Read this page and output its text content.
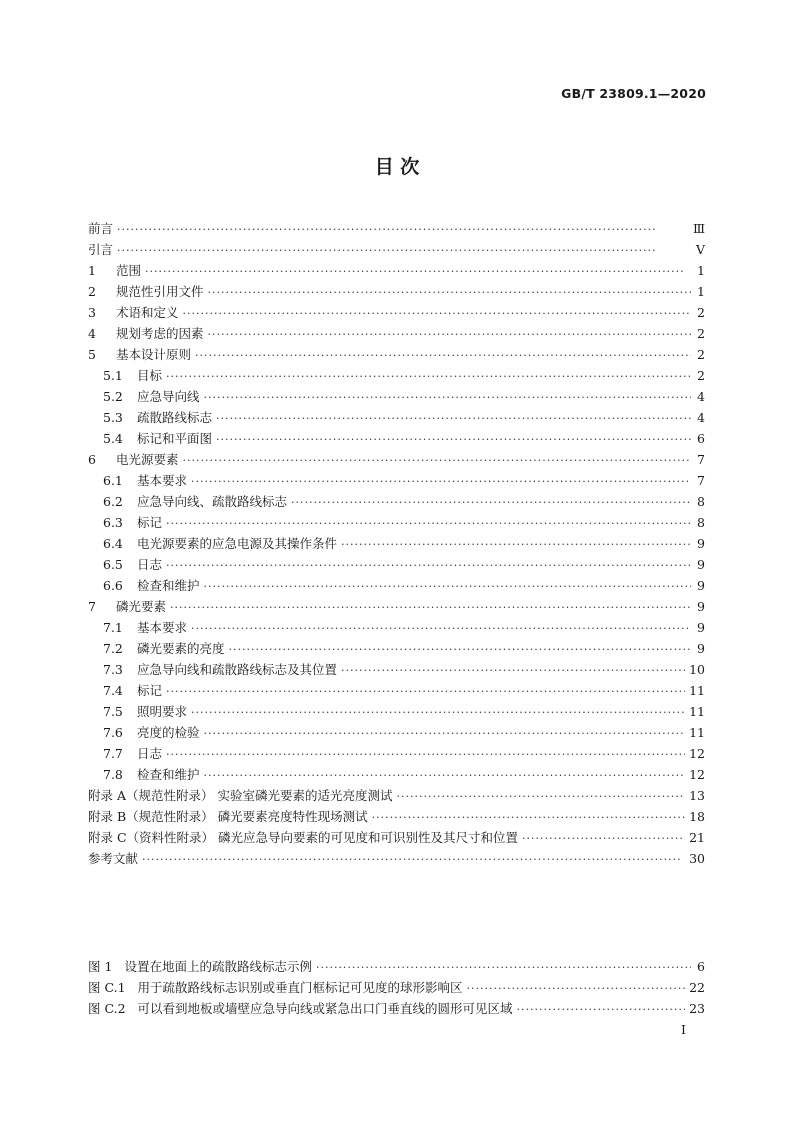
GB/T 23809.1—2020
目 次
前言 ·····	Ⅲ
引言 ·····	Ⅴ
1	范围 ·····	1
2	规范性引用文件 ·····	1
3	术语和定义 ·····	2
4	规划考虑的因素 ·····	2
5	基本设计原则 ·····	2
5.1	目标 ·····	2
5.2	应急导向线 ·····	4
5.3	疏散路线标志 ·····	4
5.4	标记和平面图 ·····	6
6	电光源要素 ·····	7
6.1	基本要求 ·····	7
6.2	应急导向线、疏散路线标志 ·····	8
6.3	标记 ·····	8
6.4	电光源要素的应急电源及其操作条件 ·····	9
6.5	日志 ·····	9
6.6	检查和维护 ·····	9
7	磷光要素 ·····	9
7.1	基本要求 ·····	9
7.2	磷光要素的亮度 ·····	9
7.3	应急导向线和疏散路线标志及其位置 ·····	10
7.4	标记 ·····	11
7.5	照明要求 ·····	11
7.6	亮度的检验 ·····	11
7.7	日志 ·····	12
7.8	检查和维护 ·····	12
附录 A（规范性附录） 实验室磷光要素的适光亮度测试 ·····	13
附录 B（规范性附录） 磷光要素亮度特性现场测试 ·····	18
附录 C（资料性附录） 磷光应急导向要素的可见度和可识别性及其尺寸和位置 ·····	21
参考文献 ·····	30
图 1 设置在地面上的疏散路线标志示例 ·····	6
图 C.1 用于疏散路线标志识别或垂直门框标记可见度的球形影响区 ·····	22
图 C.2 可以看到地板或墙壁应急导向线或紧急出口门垂直线的圆形可见区域 ·····	23
Ⅰ
